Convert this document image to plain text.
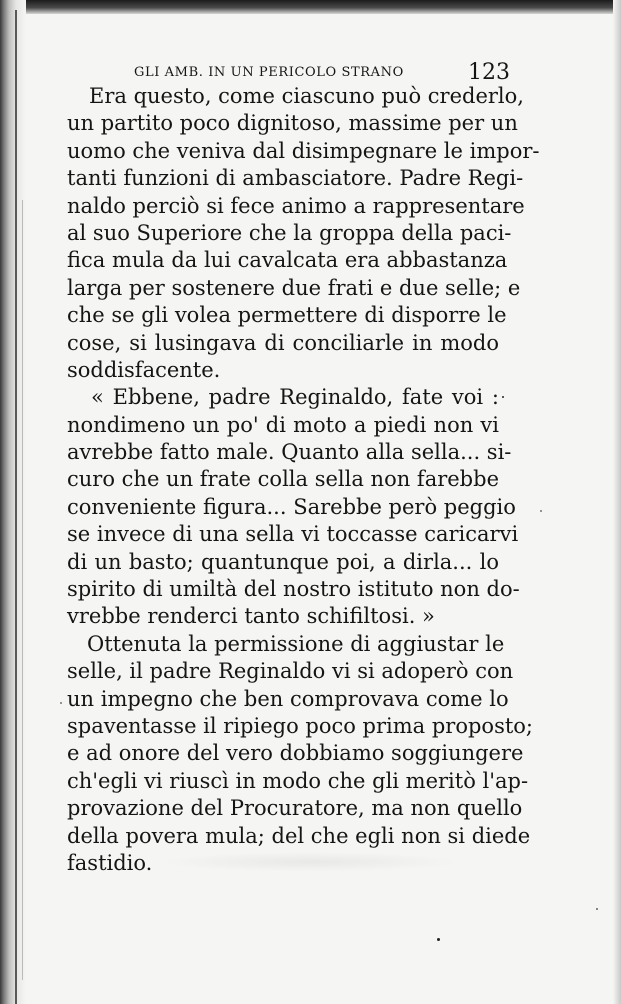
GLI AMB. IN UN PERICOLO STRANO	123
Era questo, come ciascuno può crederlo,
un partito poco dignitoso, massime per un
uomo che veniva dal disimpegnare le impor-
tanti funzioni di ambasciatore. Padre Regi-
naldo perciò si fece animo a rappresentare
al suo Superiore che la groppa della paci-
fica mula da lui cavalcata era abbastanza
larga per sostenere due frati e due selle; e
che se gli volea permettere di disporre le
cose, si lusingava di conciliarle in modo
soddisfacente.
« Ebbene, padre Reginaldo, fate voi :
nondimeno un po' di moto a piedi non vi
avrebbe fatto male. Quanto alla sella... si-
curo che un frate colla sella non farebbe
conveniente figura... Sarebbe però peggio
se invece di una sella vi toccasse caricarvi
di un basto; quantunque poi, a dirla... lo
spirito di umiltà del nostro istituto non do-
vrebbe renderci tanto schifiltosi. »
Ottenuta la permissione di aggiustar le
selle, il padre Reginaldo vi si adoperò con
un impegno che ben comprovava come lo
spaventasse il ripiego poco prima proposto;
e ad onore del vero dobbiamo soggiungere
ch'egli vi riuscì in modo che gli meritò l'ap-
provazione del Procuratore, ma non quello
della povera mula; del che egli non si diede
fastidio.
